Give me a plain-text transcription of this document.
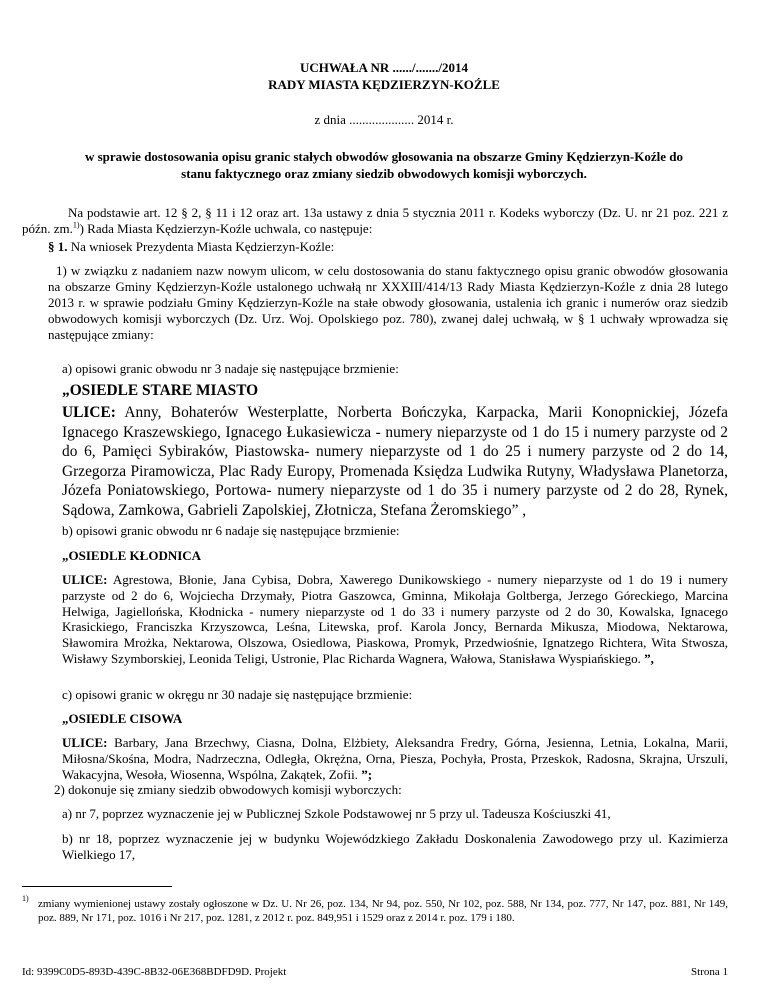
UCHWAŁA NR ....../......./2014
RADY MIASTA KĘDZIERZYN-KOŹLE
z dnia .................... 2014 r.
w sprawie dostosowania opisu granic stałych obwodów głosowania na obszarze Gminy Kędzierzyn-Koźle do
stanu faktycznego oraz zmiany siedzib obwodowych komisji wyborczych.
Na podstawie art. 12 § 2, § 11 i 12 oraz art. 13a ustawy z dnia 5 stycznia 2011 r. Kodeks wyborczy (Dz. U. nr 21 poz. 221 z późn. zm.$^{1)}$) Rada Miasta Kędzierzyn-Koźle uchwala, co następuje:
§ 1. Na wniosek Prezydenta Miasta Kędzierzyn-Koźle:
1) w związku z nadaniem nazw nowym ulicom, w celu dostosowania do stanu faktycznego opisu granic obwodów głosowania na obszarze Gminy Kędzierzyn-Koźle ustalonego uchwałą nr XXXIII/414/13 Rady Miasta Kędzierzyn-Koźle z dnia 28 lutego 2013 r. w sprawie podziału Gminy Kędzierzyn-Koźle na stałe obwody głosowania, ustalenia ich granic i numerów oraz siedzib obwodowych komisji wyborczych (Dz. Urz. Woj. Opolskiego poz. 780), zwanej dalej uchwałą, w § 1 uchwały wprowadza się następujące zmiany:
a) opisowi granic obwodu nr 3 nadaje się następujące brzmienie:
„OSIEDLE STARE MIASTO
ULICE: Anny, Bohaterów Westerplatte, Norberta Bończyka, Karpacka, Marii Konopnickiej, Józefa Ignacego Kraszewskiego, Ignacego Łukasiewicza - numery nieparzyste od 1 do 15 i numery parzyste od 2 do 6, Pamięci Sybiraków, Piastowska- numery nieparzyste od 1 do 25 i numery parzyste od 2 do 14, Grzegorza Piramowicza, Plac Rady Europy, Promenada Księdza Ludwika Rutyny, Władysława Planetorza, Józefa Poniatowskiego, Portowa- numery nieparzyste od 1 do 35 i numery parzyste od 2 do 28, Rynek, Sądowa, Zamkowa, Gabrieli Zapolskiej, Złotnicza, Stefana Żeromskiego” ,
b) opisowi granic obwodu nr 6 nadaje się następujące brzmienie:
„OSIEDLE KŁODNICA
ULICE: Agrestowa, Błonie, Jana Cybisa, Dobra, Xawerego Dunikowskiego - numery nieparzyste od 1 do 19 i numery parzyste od 2 do 6, Wojciecha Drzymały, Piotra Gaszowca, Gminna, Mikołaja Goltberga, Jerzego Góreckiego, Marcina Helwiga, Jagiellońska, Kłodnicka - numery nieparzyste od 1 do 33 i numery parzyste od 2 do 30, Kowalska, Ignacego Krasickiego, Franciszka Krzyszowca, Leśna, Litewska, prof. Karola Joncy, Bernarda Mikusza, Miodowa, Nektarowa, Sławomira Mrożka, Nektarowa, Olszowa, Osiedlowa, Piaskowa, Promyk, Przedwiośnie, Ignatzego Richtera, Wita Stwosza, Wisławy Szymborskiej, Leonida Teligi, Ustronie, Plac Richarda Wagnera, Wałowa, Stanisława Wyspiańskiego. ”,
c) opisowi granic w okręgu nr 30 nadaje się następujące brzmienie:
„OSIEDLE CISOWA
ULICE: Barbary, Jana Brzechwy, Ciasna, Dolna, Elżbiety, Aleksandra Fredry, Górna, Jesienna, Letnia, Lokalna, Marii, Miłosna/Skośna, Modra, Nadrzeczna, Odległa, Okrężna, Orna, Piesza, Pochyła, Prosta, Przeskok, Radosna, Skrajna, Urszuli, Wakacyjna, Wesoła, Wiosenna, Wspólna, Zakątek, Zofii. ”;
2) dokonuje się zmiany siedzib obwodowych komisji wyborczych:
a) nr 7, poprzez wyznaczenie jej w Publicznej Szkole Podstawowej nr 5 przy ul. Tadeusza Kościuszki 41,
b) nr 18, poprzez wyznaczenie jej w budynku Wojewódzkiego Zakładu Doskonalenia Zawodowego przy ul. Kazimierza Wielkiego 17,
1) zmiany wymienionej ustawy zostały ogłoszone w Dz. U. Nr 26, poz. 134, Nr 94, poz. 550, Nr 102, poz. 588, Nr 134, poz. 777, Nr 147, poz. 881, Nr 149, poz. 889, Nr 171, poz. 1016 i Nr 217, poz. 1281, z 2012 r. poz. 849,951 i 1529 oraz z 2014 r. poz. 179 i 180.
Id: 9399C0D5-893D-439C-8B32-06E368BDFD9D. Projekt	Strona 1
